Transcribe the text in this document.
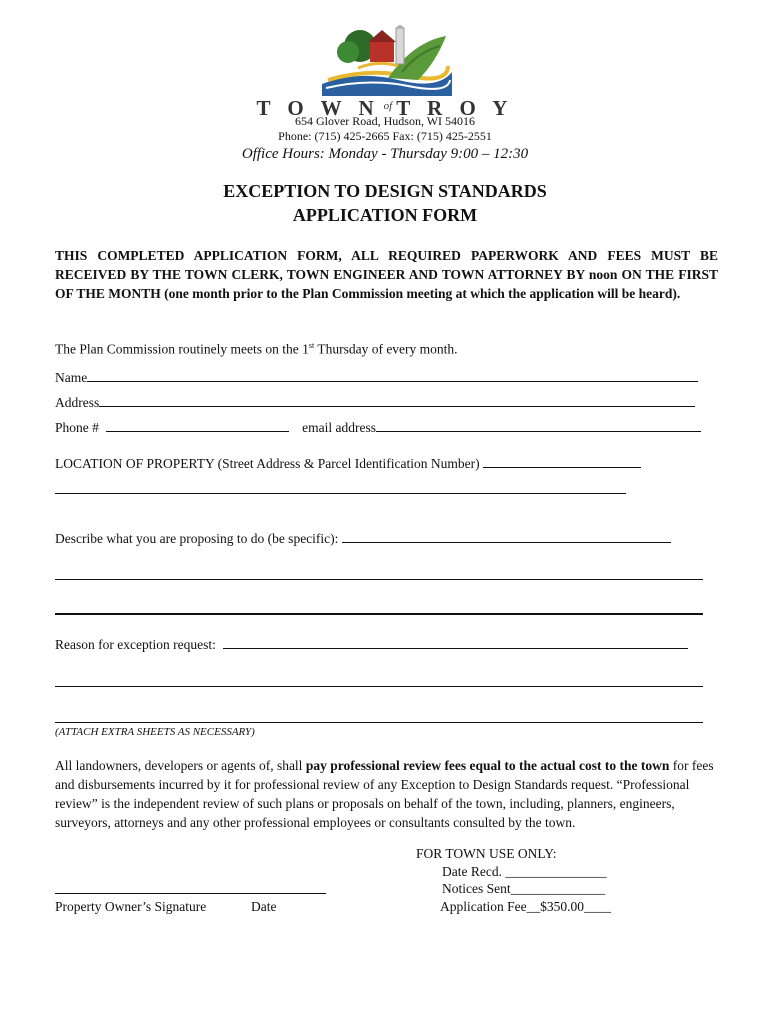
T O W N $^{of}$ T R O Y
654 Glover Road, Hudson, WI 54016
Phone: (715) 425-2665 Fax: (715) 425-2551
Office Hours: Monday - Thursday 9:00 – 12:30
EXCEPTION TO DESIGN STANDARDS
APPLICATION FORM
THIS COMPLETED APPLICATION FORM, ALL REQUIRED PAPERWORK AND FEES MUST BE RECEIVED BY THE TOWN CLERK, TOWN ENGINEER AND TOWN ATTORNEY BY noon ON THE FIRST OF THE MONTH (one month prior to the Plan Commission meeting at which the application will be heard).
The Plan Commission routinely meets on the 1st Thursday of every month.
Name
Address
Phone #	email address
LOCATION OF PROPERTY (Street Address & Parcel Identification Number)
Describe what you are proposing to do (be specific):
Reason for exception request:
(ATTACH EXTRA SHEETS AS NECESSARY)
All landowners, developers or agents of, shall pay professional review fees equal to the actual cost to the town for fees and disbursements incurred by it for professional review of any Exception to Design Standards request. “Professional review” is the independent review of such plans or proposals on behalf of the town, including, planners, engineers, surveyors, attorneys and any other professional employees or consultants consulted by the town.
FOR TOWN USE ONLY:
Date Recd. _______________
Notices Sent______________
Application Fee__$350.00____
Property Owner’s Signature	Date
